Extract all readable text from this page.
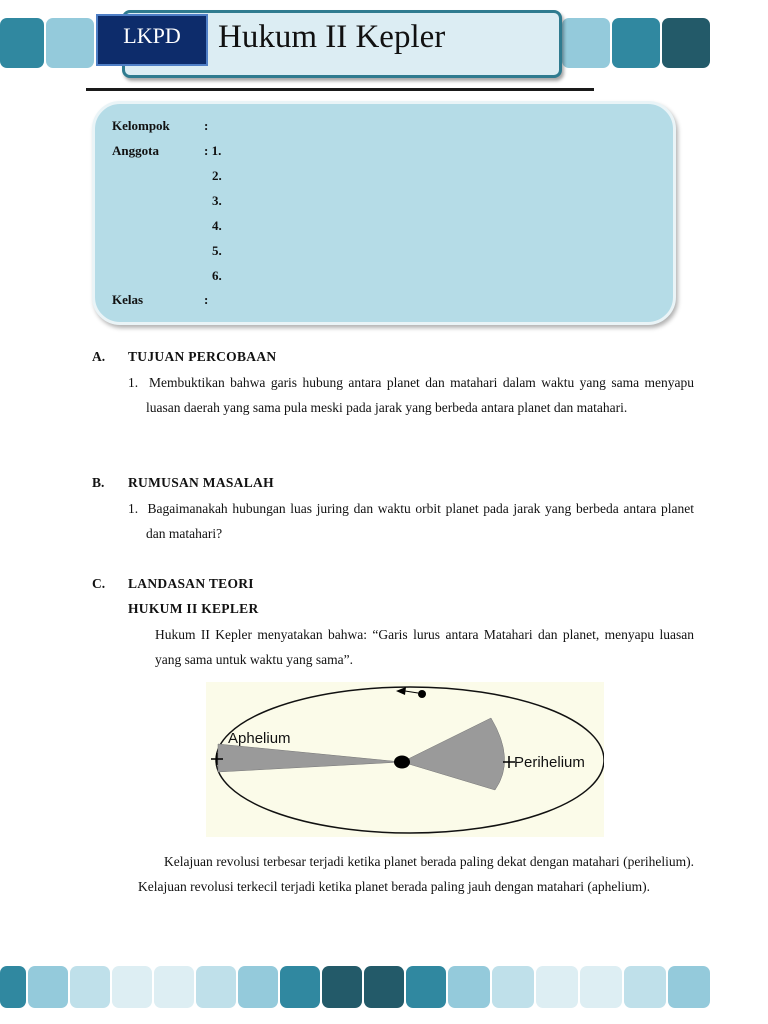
LKPD	Hukum II Kepler
Kelompok	:
Anggota	: 1.
2.
3.
4.
5.
6.
Kelas	:
A. TUJUAN PERCOBAAN
1.  Membuktikan bahwa garis hubung antara planet dan matahari dalam waktu yang sama menyapu luasan daerah yang sama pula meski pada jarak yang berbeda antara planet dan matahari.
B. RUMUSAN MASALAH
1.  Bagaimanakah hubungan luas juring dan waktu orbit planet pada jarak yang berbeda antara planet dan matahari?
C. LANDASAN TEORI
HUKUM II KEPLER
Hukum II Kepler menyatakan bahwa: “Garis lurus antara Matahari dan planet, menyapu luasan yang sama untuk waktu yang sama”.
Aphelium
Perihelium
Kelajuan revolusi terbesar terjadi ketika planet berada paling dekat dengan matahari (perihelium). Kelajuan revolusi terkecil terjadi ketika planet berada paling jauh dengan matahari (aphelium).
